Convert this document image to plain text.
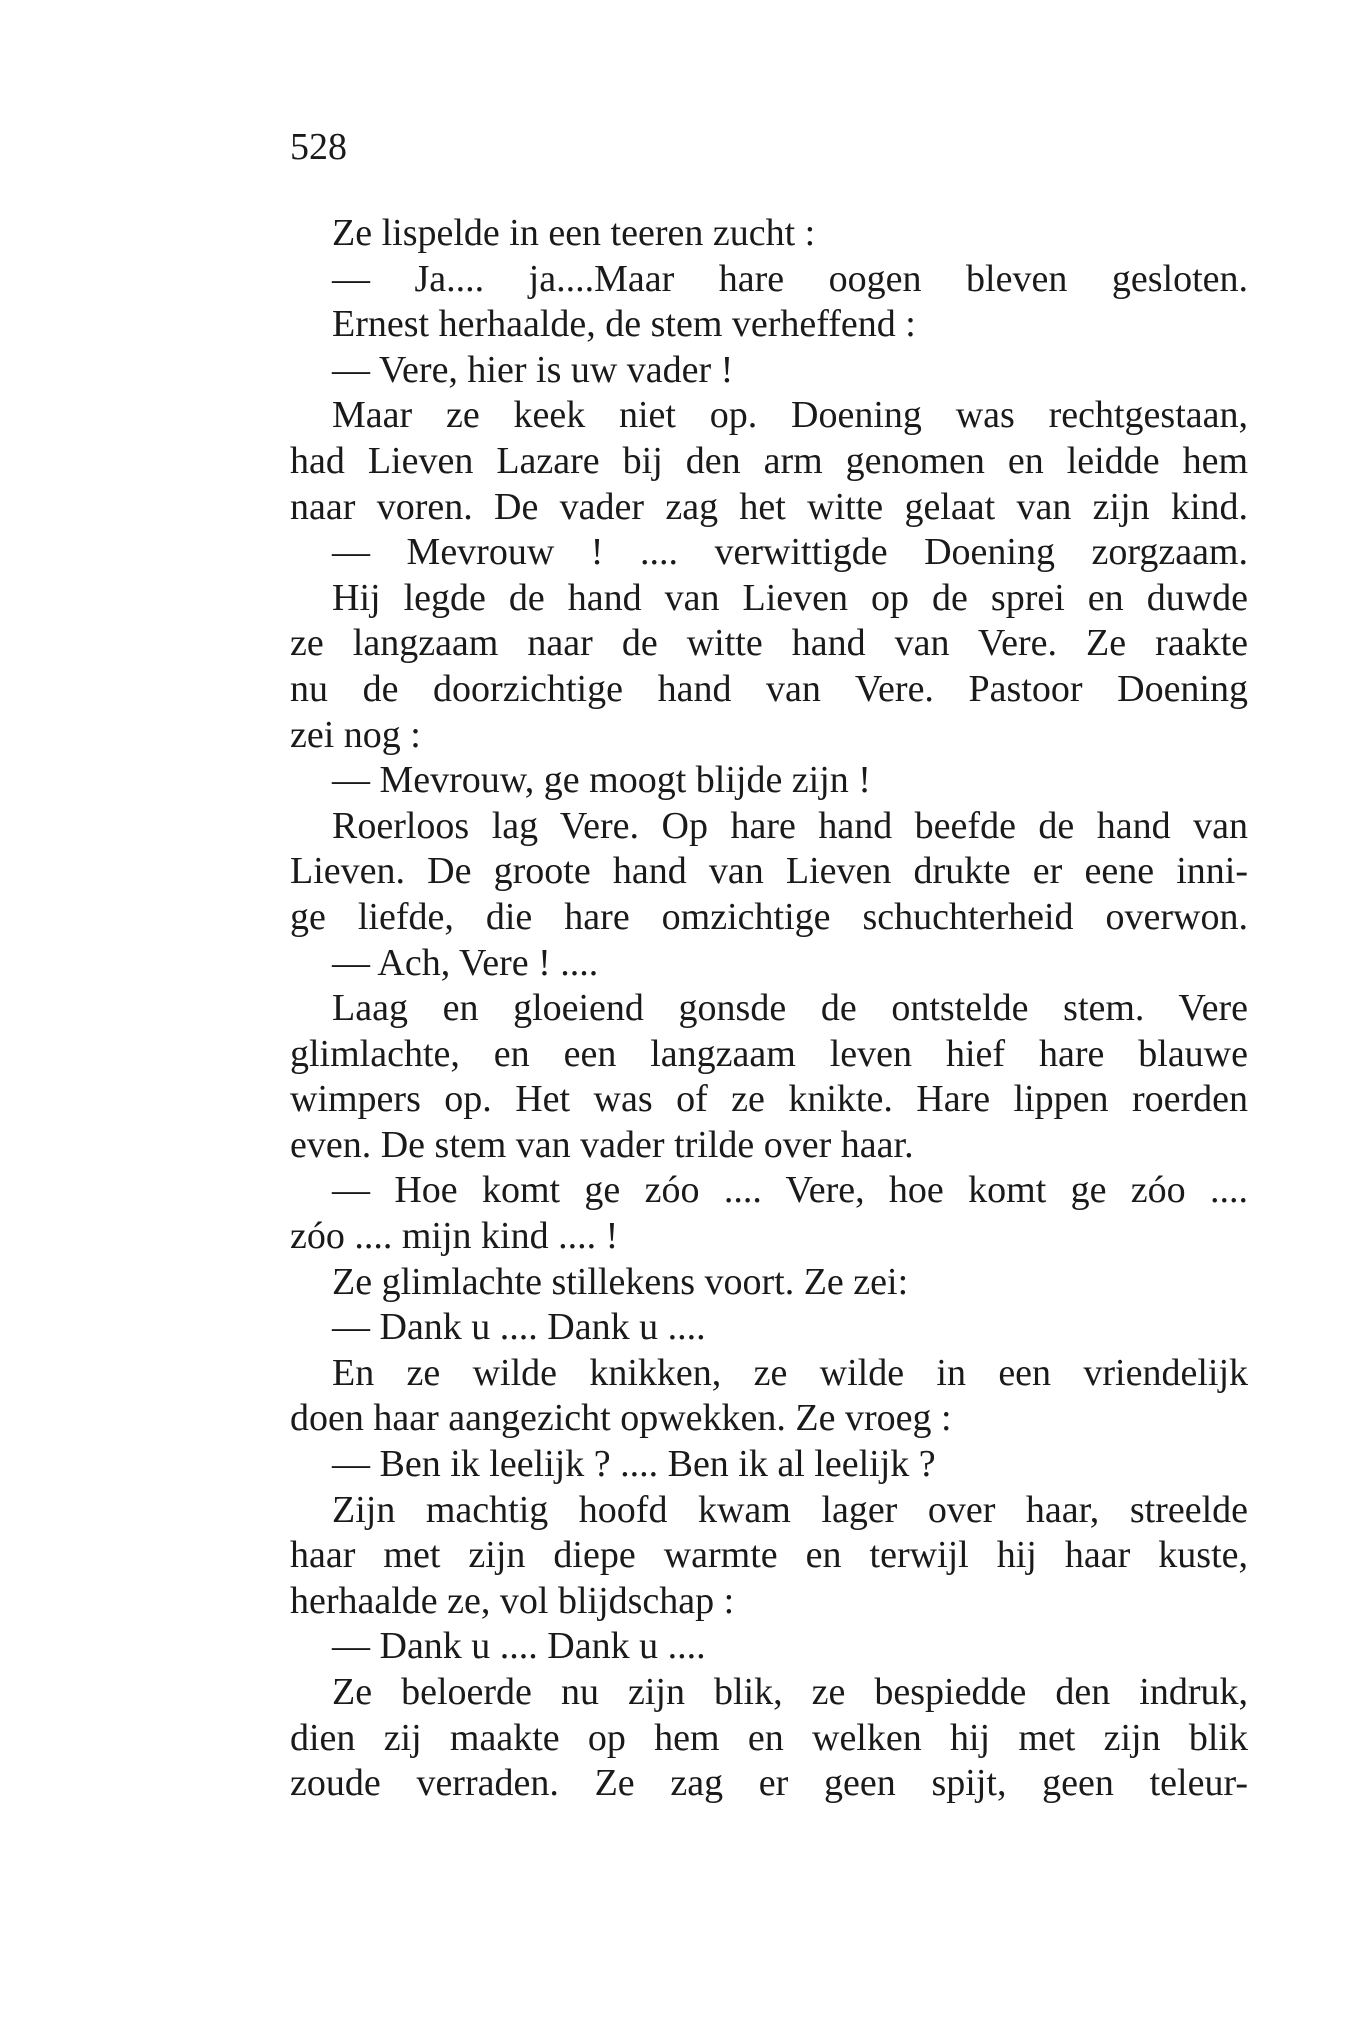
528
Ze lispelde in een teeren zucht :
— Ja.... ja....Maar hare oogen bleven gesloten.
Ernest herhaalde, de stem verheffend :
— Vere, hier is uw vader !
Maar ze keek niet op. Doening was rechtgestaan,
had Lieven Lazare bij den arm genomen en leidde hem
naar voren. De vader zag het witte gelaat van zijn kind.
— Mevrouw ! .... verwittigde Doening zorgzaam.
Hij legde de hand van Lieven op de sprei en duwde
ze langzaam naar de witte hand van Vere. Ze raakte
nu de doorzichtige hand van Vere. Pastoor Doening
zei nog :
— Mevrouw, ge moogt blijde zijn !
Roerloos lag Vere. Op hare hand beefde de hand van
Lieven. De groote hand van Lieven drukte er eene inni-
ge liefde, die hare omzichtige schuchterheid overwon.
— Ach, Vere ! ....
Laag en gloeiend gonsde de ontstelde stem. Vere
glimlachte, en een langzaam leven hief hare blauwe
wimpers op. Het was of ze knikte. Hare lippen roerden
even. De stem van vader trilde over haar.
— Hoe komt ge zóo .... Vere, hoe komt ge zóo ....
zóo .... mijn kind .... !
Ze glimlachte stillekens voort. Ze zei:
— Dank u .... Dank u ....
En ze wilde knikken, ze wilde in een vriendelijk
doen haar aangezicht opwekken. Ze vroeg :
— Ben ik leelijk ? .... Ben ik al leelijk ?
Zijn machtig hoofd kwam lager over haar, streelde
haar met zijn diepe warmte en terwijl hij haar kuste,
herhaalde ze, vol blijdschap :
— Dank u .... Dank u ....
Ze beloerde nu zijn blik, ze bespiedde den indruk,
dien zij maakte op hem en welken hij met zijn blik
zoude verraden. Ze zag er geen spijt, geen teleur-
